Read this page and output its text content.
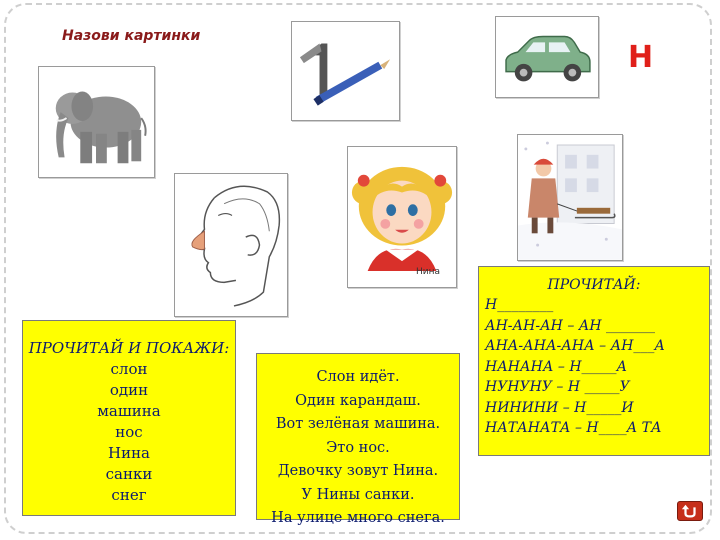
Назови картинки
Н
Нина
ПРОЧИТАЙ И ПОКАЖИ:
слон
один
машина
нос
Нина
санки
снег
Слон идёт.
Один карандаш.
Вот зелёная машина.
Это нос.
Девочку зовут Нина.
У Нины санки.
На улице много снега.
ПРОЧИТАЙ:
Н________
АН-АН-АН – АН _______
АНА-АНА-АНА – АН___А
НАНАНА – Н_____А
НУНУНУ – Н _____У
НИНИНИ – Н_____И
НАТАНАТА – Н____А ТА
